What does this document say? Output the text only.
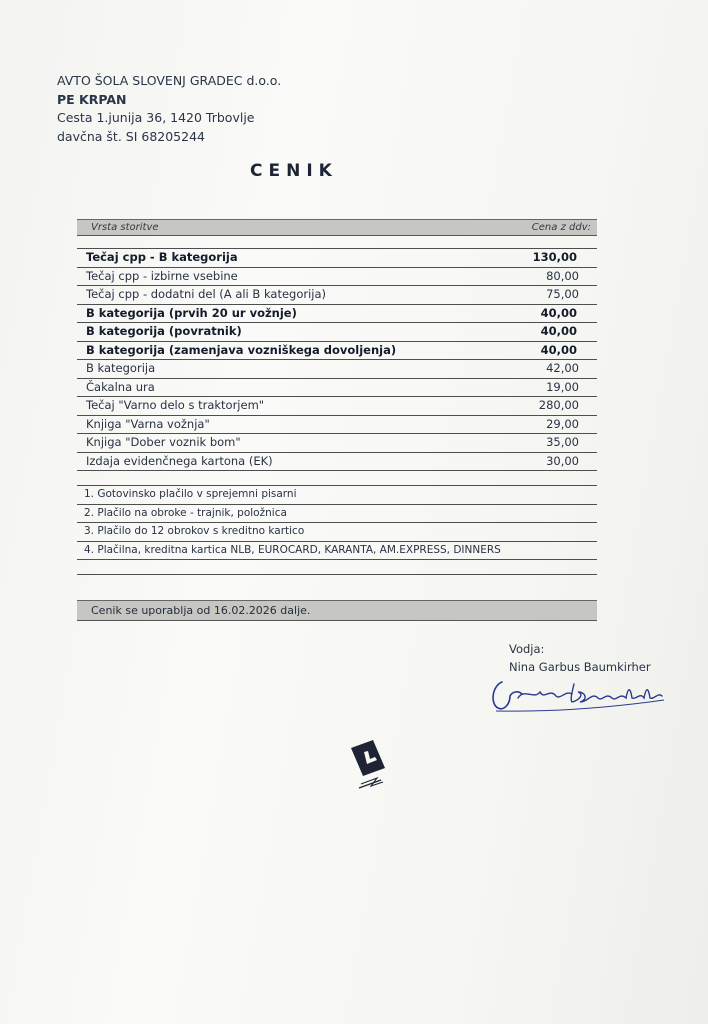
AVTO ŠOLA SLOVENJ GRADEC d.o.o.
PE KRPAN
Cesta 1.junija 36, 1420 Trbovlje
davčna št. SI 68205244
CENIK
Vrsta storitve	Cena z ddv:
Tečaj cpp - B kategorija	130,00
Tečaj cpp - izbirne vsebine	80,00
Tečaj cpp - dodatni del (A ali B kategorija)	75,00
B kategorija (prvih 20 ur vožnje)	40,00
B kategorija (povratnik)	40,00
B kategorija (zamenjava vozniškega dovoljenja)	40,00
B kategorija	42,00
Čakalna ura	19,00
Tečaj "Varno delo s traktorjem"	280,00
Knjiga "Varna vožnja"	29,00
Knjiga "Dober voznik bom"	35,00
Izdaja evidenčnega kartona (EK)	30,00
1. Gotovinsko plačilo v sprejemni pisarni
2. Plačilo na obroke - trajnik, položnica
3. Plačilo do 12 obrokov s kreditno kartico
4. Plačilna, kreditna kartica NLB, EUROCARD, KARANTA, AM.EXPRESS, DINNERS
Cenik se uporablja od 16.02.2026 dalje.
Vodja:
Nina Garbus Baumkirher
